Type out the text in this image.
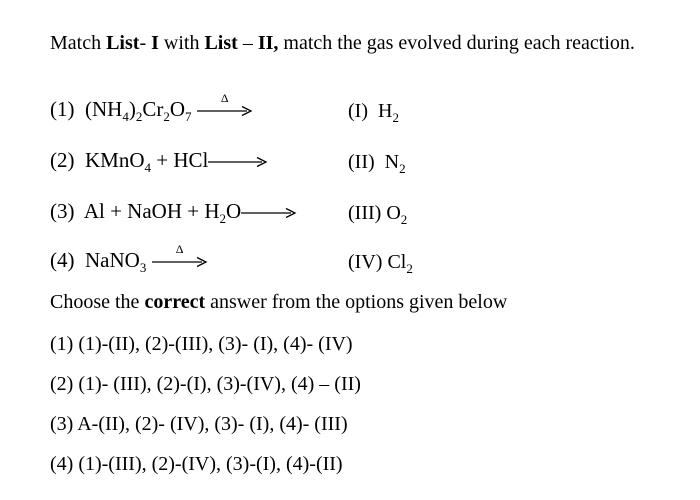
Match List- I with List – II, match the gas evolved during each reaction.
(1) $(NH_4)_2Cr_2O_7$
Δ
(I) $H_2$
(2) KMnO$_4$ + HCl→	(II) $N_2$
(3) Al + NaOH + $H_2O\to$	(III) $O_2$
(4) NaNO$_3$
Δ
(IV) $Cl_2$
Choose the correct answer from the options given below
(1) (1)-(II), (2)-(III), (3)- (I), (4)- (IV)
(2) (1)- (III), (2)-(I), (3)-(IV), (4) – (II)
(3) A-(II), (2)- (IV), (3)- (I), (4)- (III)
(4) (1)-(III), (2)-(IV), (3)-(I), (4)-(II)
